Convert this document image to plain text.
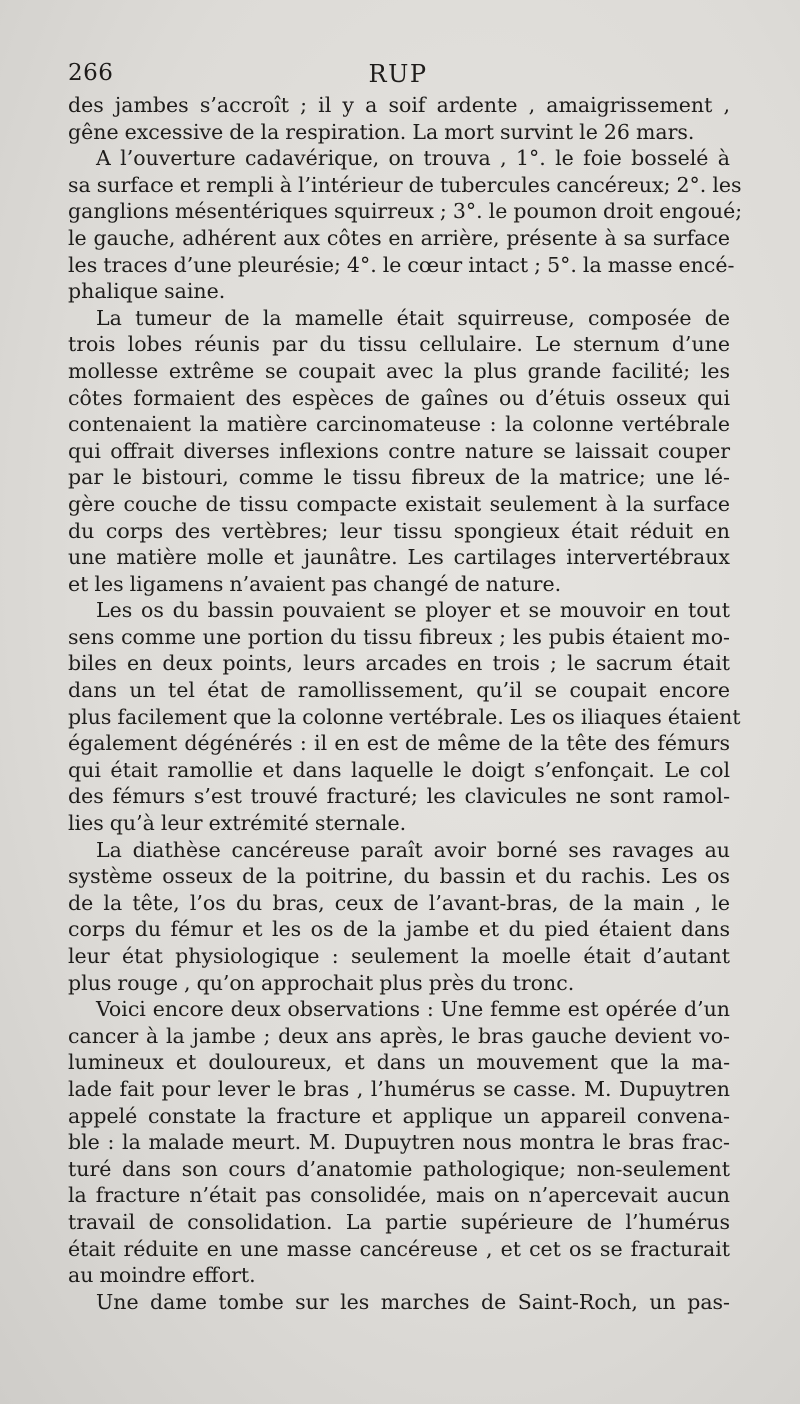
266	RUP
des jambes s’accroît ; il y a soif ardente , amaigrissement ,
gêne excessive de la respiration. La mort survint le 26 mars.
A l’ouverture cadavérique, on trouva , 1°. le foie bosselé à
sa surface et rempli à l’intérieur de tubercules cancéreux; 2°. les
ganglions mésentériques squirreux ; 3°. le poumon droit engoué;
le gauche, adhérent aux côtes en arrière, présente à sa surface
les traces d’une pleurésie; 4°. le cœur intact ; 5°. la masse encé-
phalique saine.
La tumeur de la mamelle était squirreuse, composée de
trois lobes réunis par du tissu cellulaire. Le sternum d’une
mollesse extrême se coupait avec la plus grande facilité; les
côtes formaient des espèces de gaînes ou d’étuis osseux qui
contenaient la matière carcinomateuse : la colonne vertébrale
qui offrait diverses inflexions contre nature se laissait couper
par le bistouri, comme le tissu fibreux de la matrice; une lé-
gère couche de tissu compacte existait seulement à la surface
du corps des vertèbres; leur tissu spongieux était réduit en
une matière molle et jaunâtre. Les cartilages intervertébraux
et les ligamens n’avaient pas changé de nature.
Les os du bassin pouvaient se ployer et se mouvoir en tout
sens comme une portion du tissu fibreux ; les pubis étaient mo-
biles en deux points, leurs arcades en trois ; le sacrum était
dans un tel état de ramollissement, qu’il se coupait encore
plus facilement que la colonne vertébrale. Les os iliaques étaient
également dégénérés : il en est de même de la tête des fémurs
qui était ramollie et dans laquelle le doigt s’enfonçait. Le col
des fémurs s’est trouvé fracturé; les clavicules ne sont ramol-
lies qu’à leur extrémité sternale.
La diathèse cancéreuse paraît avoir borné ses ravages au
système osseux de la poitrine, du bassin et du rachis. Les os
de la tête, l’os du bras, ceux de l’avant-bras, de la main , le
corps du fémur et les os de la jambe et du pied étaient dans
leur état physiologique : seulement la moelle était d’autant
plus rouge , qu’on approchait plus près du tronc.
Voici encore deux observations : Une femme est opérée d’un
cancer à la jambe ; deux ans après, le bras gauche devient vo-
lumineux et douloureux, et dans un mouvement que la ma-
lade fait pour lever le bras , l’humérus se casse. M. Dupuytren
appelé constate la fracture et applique un appareil convena-
ble : la malade meurt. M. Dupuytren nous montra le bras frac-
turé dans son cours d’anatomie pathologique; non-seulement
la fracture n’était pas consolidée, mais on n’apercevait aucun
travail de consolidation. La partie supérieure de l’humérus
était réduite en une masse cancéreuse , et cet os se fracturait
au moindre effort.
Une dame tombe sur les marches de Saint-Roch, un pas-
